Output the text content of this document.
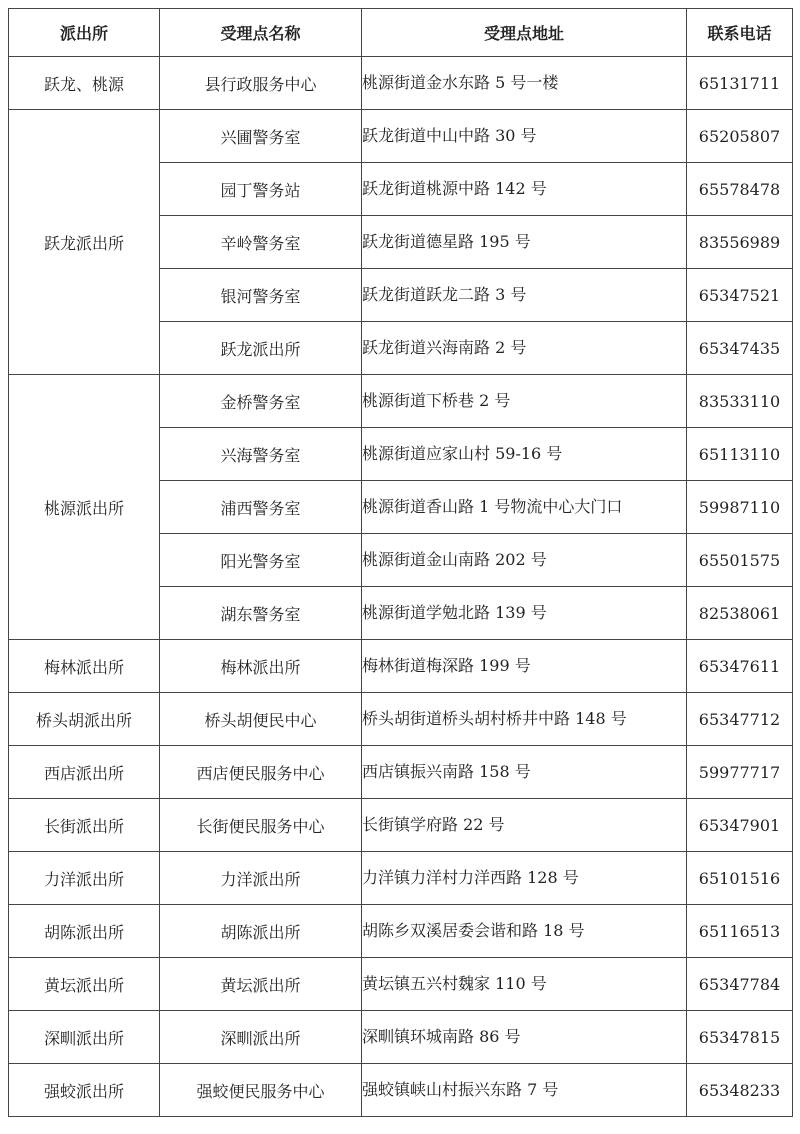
派出所	受理点名称	受理点地址	联系电话
跃龙、桃源	县行政服务中心	桃源街道金水东路 5 号一楼	65131711
跃龙派出所	兴圃警务室	跃龙街道中山中路 30 号	65205807
	园丁警务站	跃龙街道桃源中路 142 号	65578478
	辛岭警务室	跃龙街道德星路 195 号	83556989
	银河警务室	跃龙街道跃龙二路 3 号	65347521
	跃龙派出所	跃龙街道兴海南路 2 号	65347435
桃源派出所	金桥警务室	桃源街道下桥巷 2 号	83533110
	兴海警务室	桃源街道应家山村 59-16 号	65113110
	浦西警务室	桃源街道香山路 1 号物流中心大门口	59987110
	阳光警务室	桃源街道金山南路 202 号	65501575
	湖东警务室	桃源街道学勉北路 139 号	82538061
梅林派出所	梅林派出所	梅林街道梅深路 199 号	65347611
桥头胡派出所	桥头胡便民中心	桥头胡街道桥头胡村桥井中路 148 号	65347712
西店派出所	西店便民服务中心	西店镇振兴南路 158 号	59977717
长街派出所	长街便民服务中心	长街镇学府路 22 号	65347901
力洋派出所	力洋派出所	力洋镇力洋村力洋西路 128 号	65101516
胡陈派出所	胡陈派出所	胡陈乡双溪居委会谐和路 18 号	65116513
黄坛派出所	黄坛派出所	黄坛镇五兴村魏家 110 号	65347784
深甽派出所	深甽派出所	深甽镇环城南路 86 号	65347815
强蛟派出所	强蛟便民服务中心	强蛟镇峡山村振兴东路 7 号	65348233
